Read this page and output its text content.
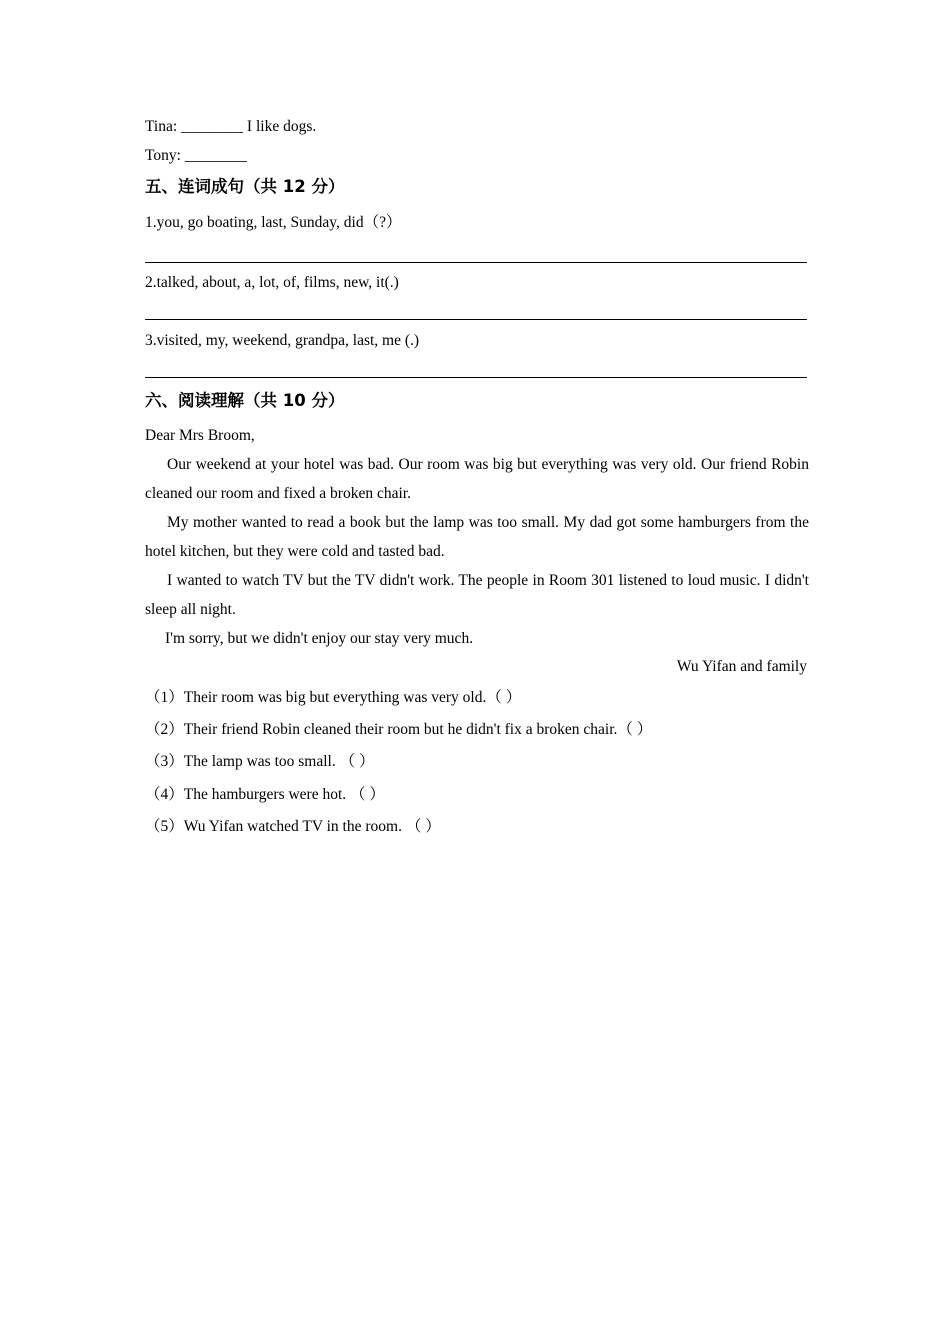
Tina: ________ I like dogs.
Tony: ________
五、连词成句（共 12 分）
1.you, go boating, last, Sunday, did（?）
2.talked, about, a, lot, of, films, new, it(.)
3.visited, my, weekend, grandpa, last, me (.)
六、阅读理解（共 10 分）
Dear Mrs Broom,
Our weekend at your hotel was bad. Our room was big but everything was very old. Our friend Robin cleaned our room and fixed a broken chair.
My mother wanted to read a book but the lamp was too small. My dad got some hamburgers from the hotel kitchen, but they were cold and tasted bad.
I wanted to watch TV but the TV didn't work. The people in Room 301 listened to loud music. I didn't sleep all night.
I'm sorry, but we didn't enjoy our stay very much.
Wu Yifan and family
（1）Their room was big but everything was very old.（ ）
（2）Their friend Robin cleaned their room but he didn't fix a broken chair.（ ）
（3）The lamp was too small. （ ）
（4）The hamburgers were hot. （ ）
（5）Wu Yifan watched TV in the room. （ ）
